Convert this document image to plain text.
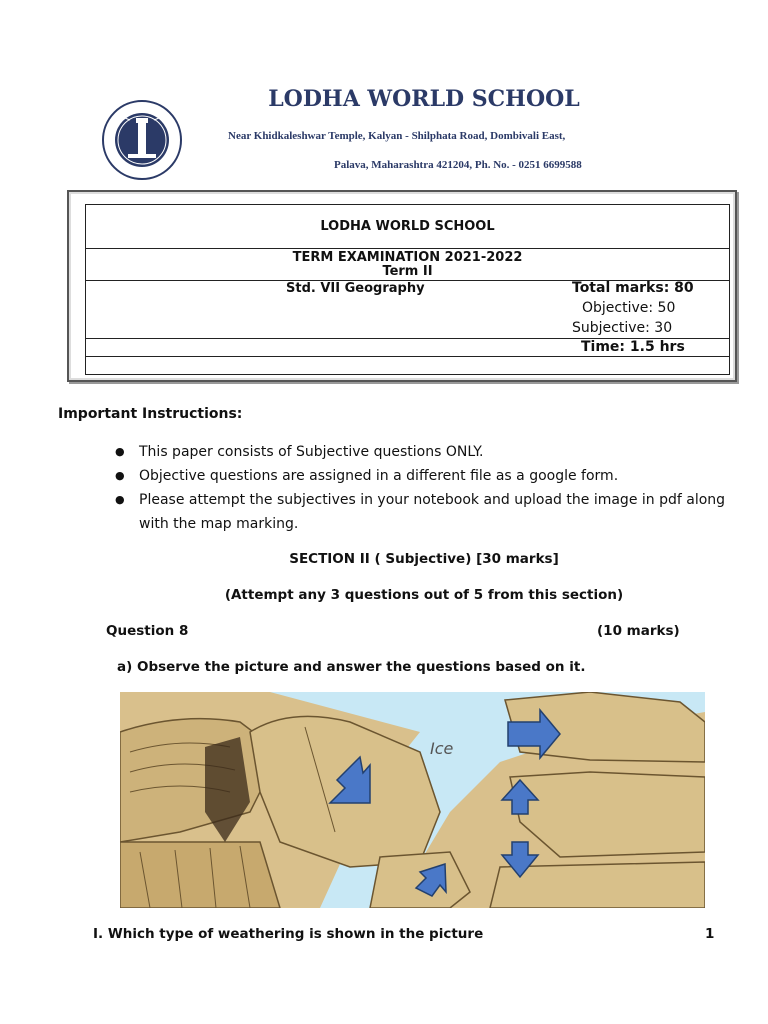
LODHA WORLD SCHOOL
Near Khidkaleshwar Temple, Kalyan - Shilphata Road, Dombivali East,
Palava, Maharashtra 421204, Ph. No. - 0251 6699588
LODHA WORLD SCHOOL
TERM EXAMINATION 2021-2022
Term II
Std. VII Geography	Total marks: 80
Objective: 50
Subjective: 30
Time: 1.5 hrs
Important Instructions:
● This paper consists of Subjective questions ONLY.
● Objective questions are assigned in a different file as a google form.
● Please attempt the subjectives in your notebook and upload the image in pdf along with the map marking.
SECTION II ( Subjective) [30 marks]
(Attempt any 3 questions out of 5 from this section)
Question 8	(10 marks)
a) Observe the picture and answer the questions based on it.
Ice
I. Which type of weathering is shown in the picture	1
